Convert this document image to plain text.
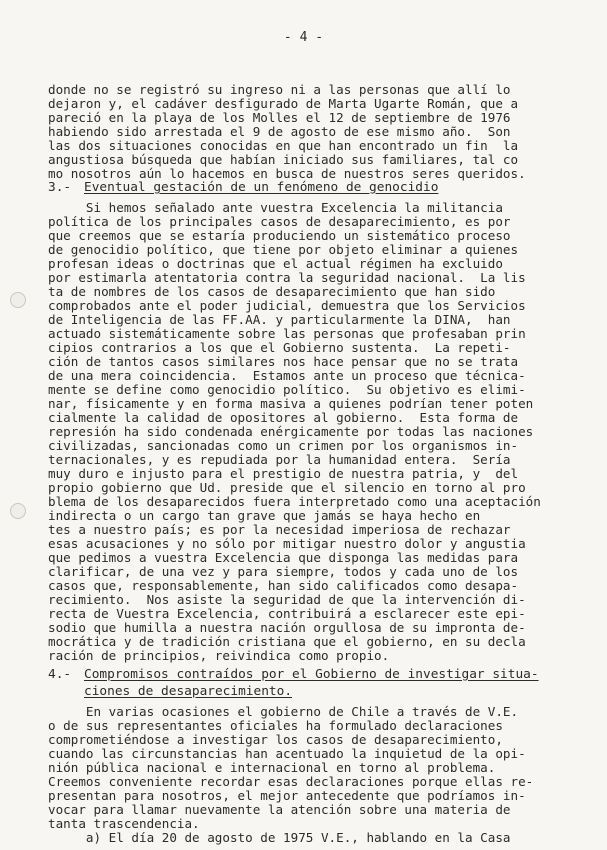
- 4 -
donde no se registró su ingreso ni a las personas que allí lo
dejaron y, el cadáver desfigurado de Marta Ugarte Román, que a
pareció en la playa de los Molles el 12 de septiembre de 1976
habiendo sido arrestada el 9 de agosto de ese mismo año.  Son
las dos situaciones conocidas en que han encontrado un fin  la
angustiosa búsqueda que habían iniciado sus familiares, tal co
mo nosotros aún lo hacemos en busca de nuestros seres queridos.
3.- Eventual gestación de un fenómeno de genocidio
Si hemos señalado ante vuestra Excelencia la militancia
política de los principales casos de desaparecimiento, es por
que creemos que se estaría produciendo un sistemático proceso
de genocidio político, que tiene por objeto eliminar a quienes
profesan ideas o doctrinas que el actual régimen ha excluido
por estimarla atentatoria contra la seguridad nacional.  La lis
ta de nombres de los casos de desaparecimiento que han sido
comprobados ante el poder judicial, demuestra que los Servicios
de Inteligencia de las FF.AA. y particularmente la DINA,  han
actuado sistemáticamente sobre las personas que profesaban prin
cipios contrarios a los que el Gobierno sustenta.  La repeti-
ción de tantos casos similares nos hace pensar que no se trata
de una mera coincidencia.  Estamos ante un proceso que técnica-
mente se define como genocidio político.  Su objetivo es elimi-
nar, físicamente y en forma masiva a quienes podrían tener poten
cialmente la calidad de opositores al gobierno.  Esta forma de
represión ha sido condenada enérgicamente por todas las naciones
civilizadas, sancionadas como un crimen por los organismos in-
ternacionales, y es repudiada por la humanidad entera.  Sería
muy duro e injusto para el prestigio de nuestra patria, y  del
propio gobierno que Ud. preside que el silencio en torno al pro
blema de los desaparecidos fuera interpretado como una aceptación
indirecta o un cargo tan grave que jamás se haya hecho en
tes a nuestro país; es por la necesidad imperiosa de rechazar
esas acusaciones y no sólo por mitigar nuestro dolor y angustia
que pedimos a vuestra Excelencia que disponga las medidas para
clarificar, de una vez y para siempre, todos y cada uno de los
casos que, responsablemente, han sido calificados como desapa-
recimiento.  Nos asiste la seguridad de que la intervención di-
recta de Vuestra Excelencia, contribuirá a esclarecer este epi-
sodio que humilla a nuestra nación orgullosa de su impronta de-
mocrática y de tradición cristiana que el gobierno, en su decla
ración de principios, reivindica como propio.
4.- Compromisos contraídos por el Gobierno de investigar situa-
ciones de desaparecimiento.
En varias ocasiones el gobierno de Chile a través de V.E.
o de sus representantes oficiales ha formulado declaraciones
comprometiéndose a investigar los casos de desaparecimiento,
cuando las circunstancias han acentuado la inquietud de la opi-
nión pública nacional e internacional en torno al problema.
Creemos conveniente recordar esas declaraciones porque ellas re-
presentan para nosotros, el mejor antecedente que podríamos in-
vocar para llamar nuevamente la atención sobre una materia de
tanta trascendencia.
a) El día 20 de agosto de 1975 V.E., hablando en la Casa
